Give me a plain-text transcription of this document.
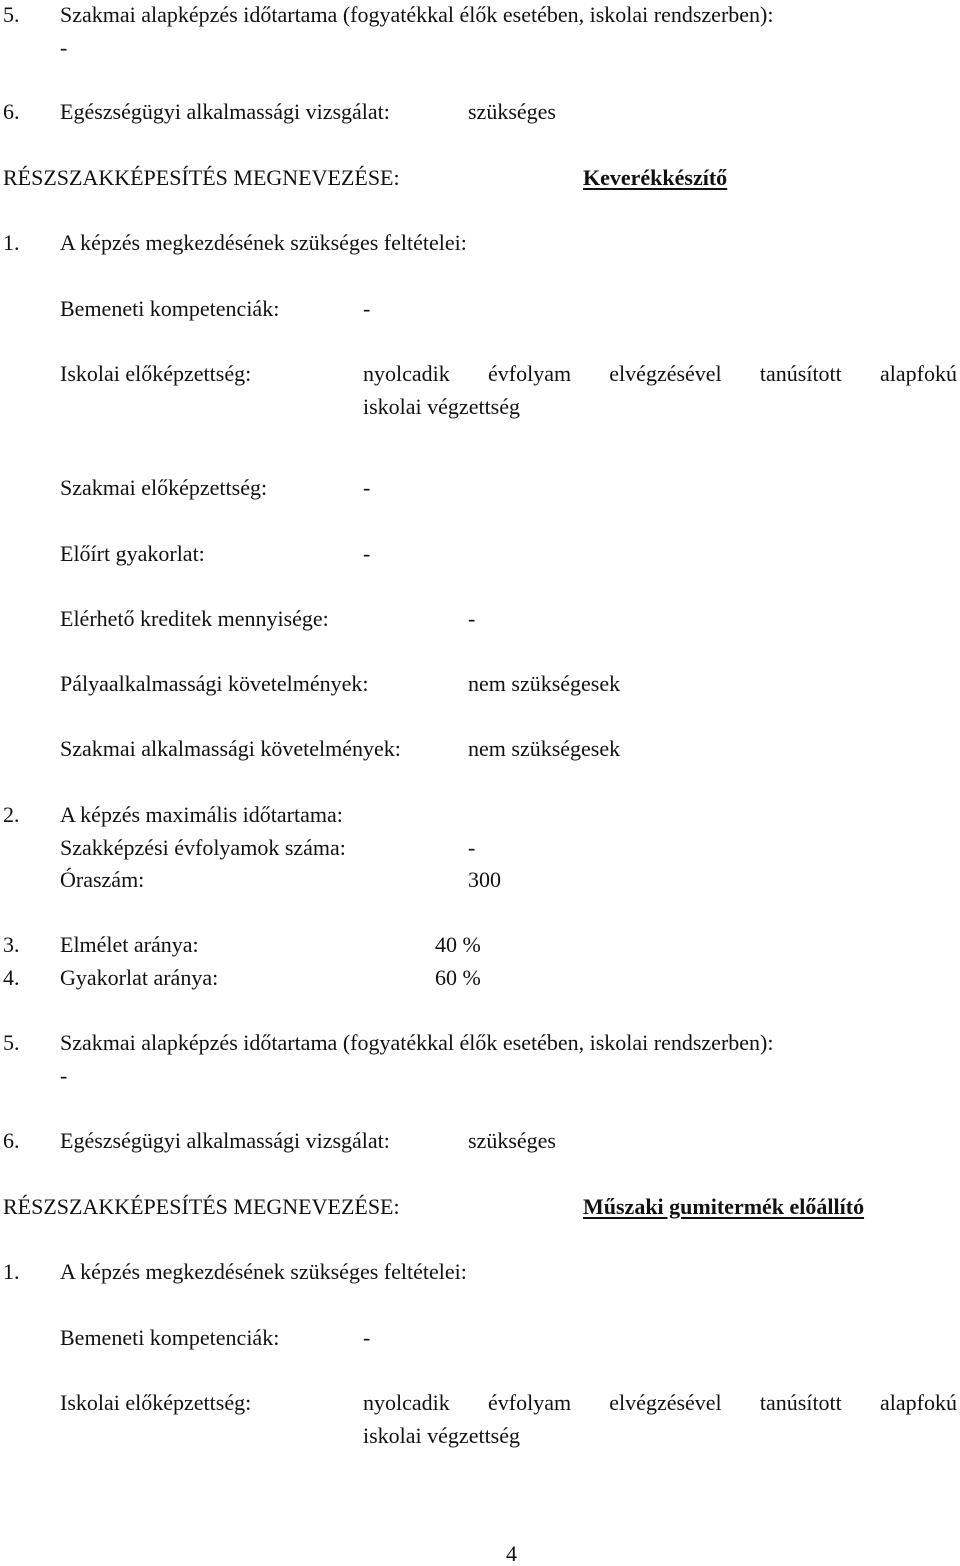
5. Szakmai alapképzés időtartama (fogyatékkal élők esetében, iskolai rendszerben):
-
6. Egészségügyi alkalmassági vizsgálat:	szükséges
RÉSZSZAKKÉPESÍTÉS MEGNEVEZÉSE:	Keverékkészítő
1. A képzés megkezdésének szükséges feltételei:
Bemeneti kompetenciák:	-
Iskolai előképzettség:	nyolcadik évfolyam elvégzésével tanúsított alapfokú
iskolai végzettség
Szakmai előképzettség:	-
Előírt gyakorlat:	-
Elérhető kreditek mennyisége:	-
Pályaalkalmassági követelmények:	nem szükségesek
Szakmai alkalmassági követelmények:	nem szükségesek
2. A képzés maximális időtartama:
Szakképzési évfolyamok száma:	-
Óraszám:	300
3. Elmélet aránya:	40 %
4. Gyakorlat aránya:	60 %
5. Szakmai alapképzés időtartama (fogyatékkal élők esetében, iskolai rendszerben):
-
6. Egészségügyi alkalmassági vizsgálat:	szükséges
RÉSZSZAKKÉPESÍTÉS MEGNEVEZÉSE:	Műszaki gumitermék előállító
1. A képzés megkezdésének szükséges feltételei:
Bemeneti kompetenciák:	-
Iskolai előképzettség:	nyolcadik évfolyam elvégzésével tanúsított alapfokú
iskolai végzettség
4
